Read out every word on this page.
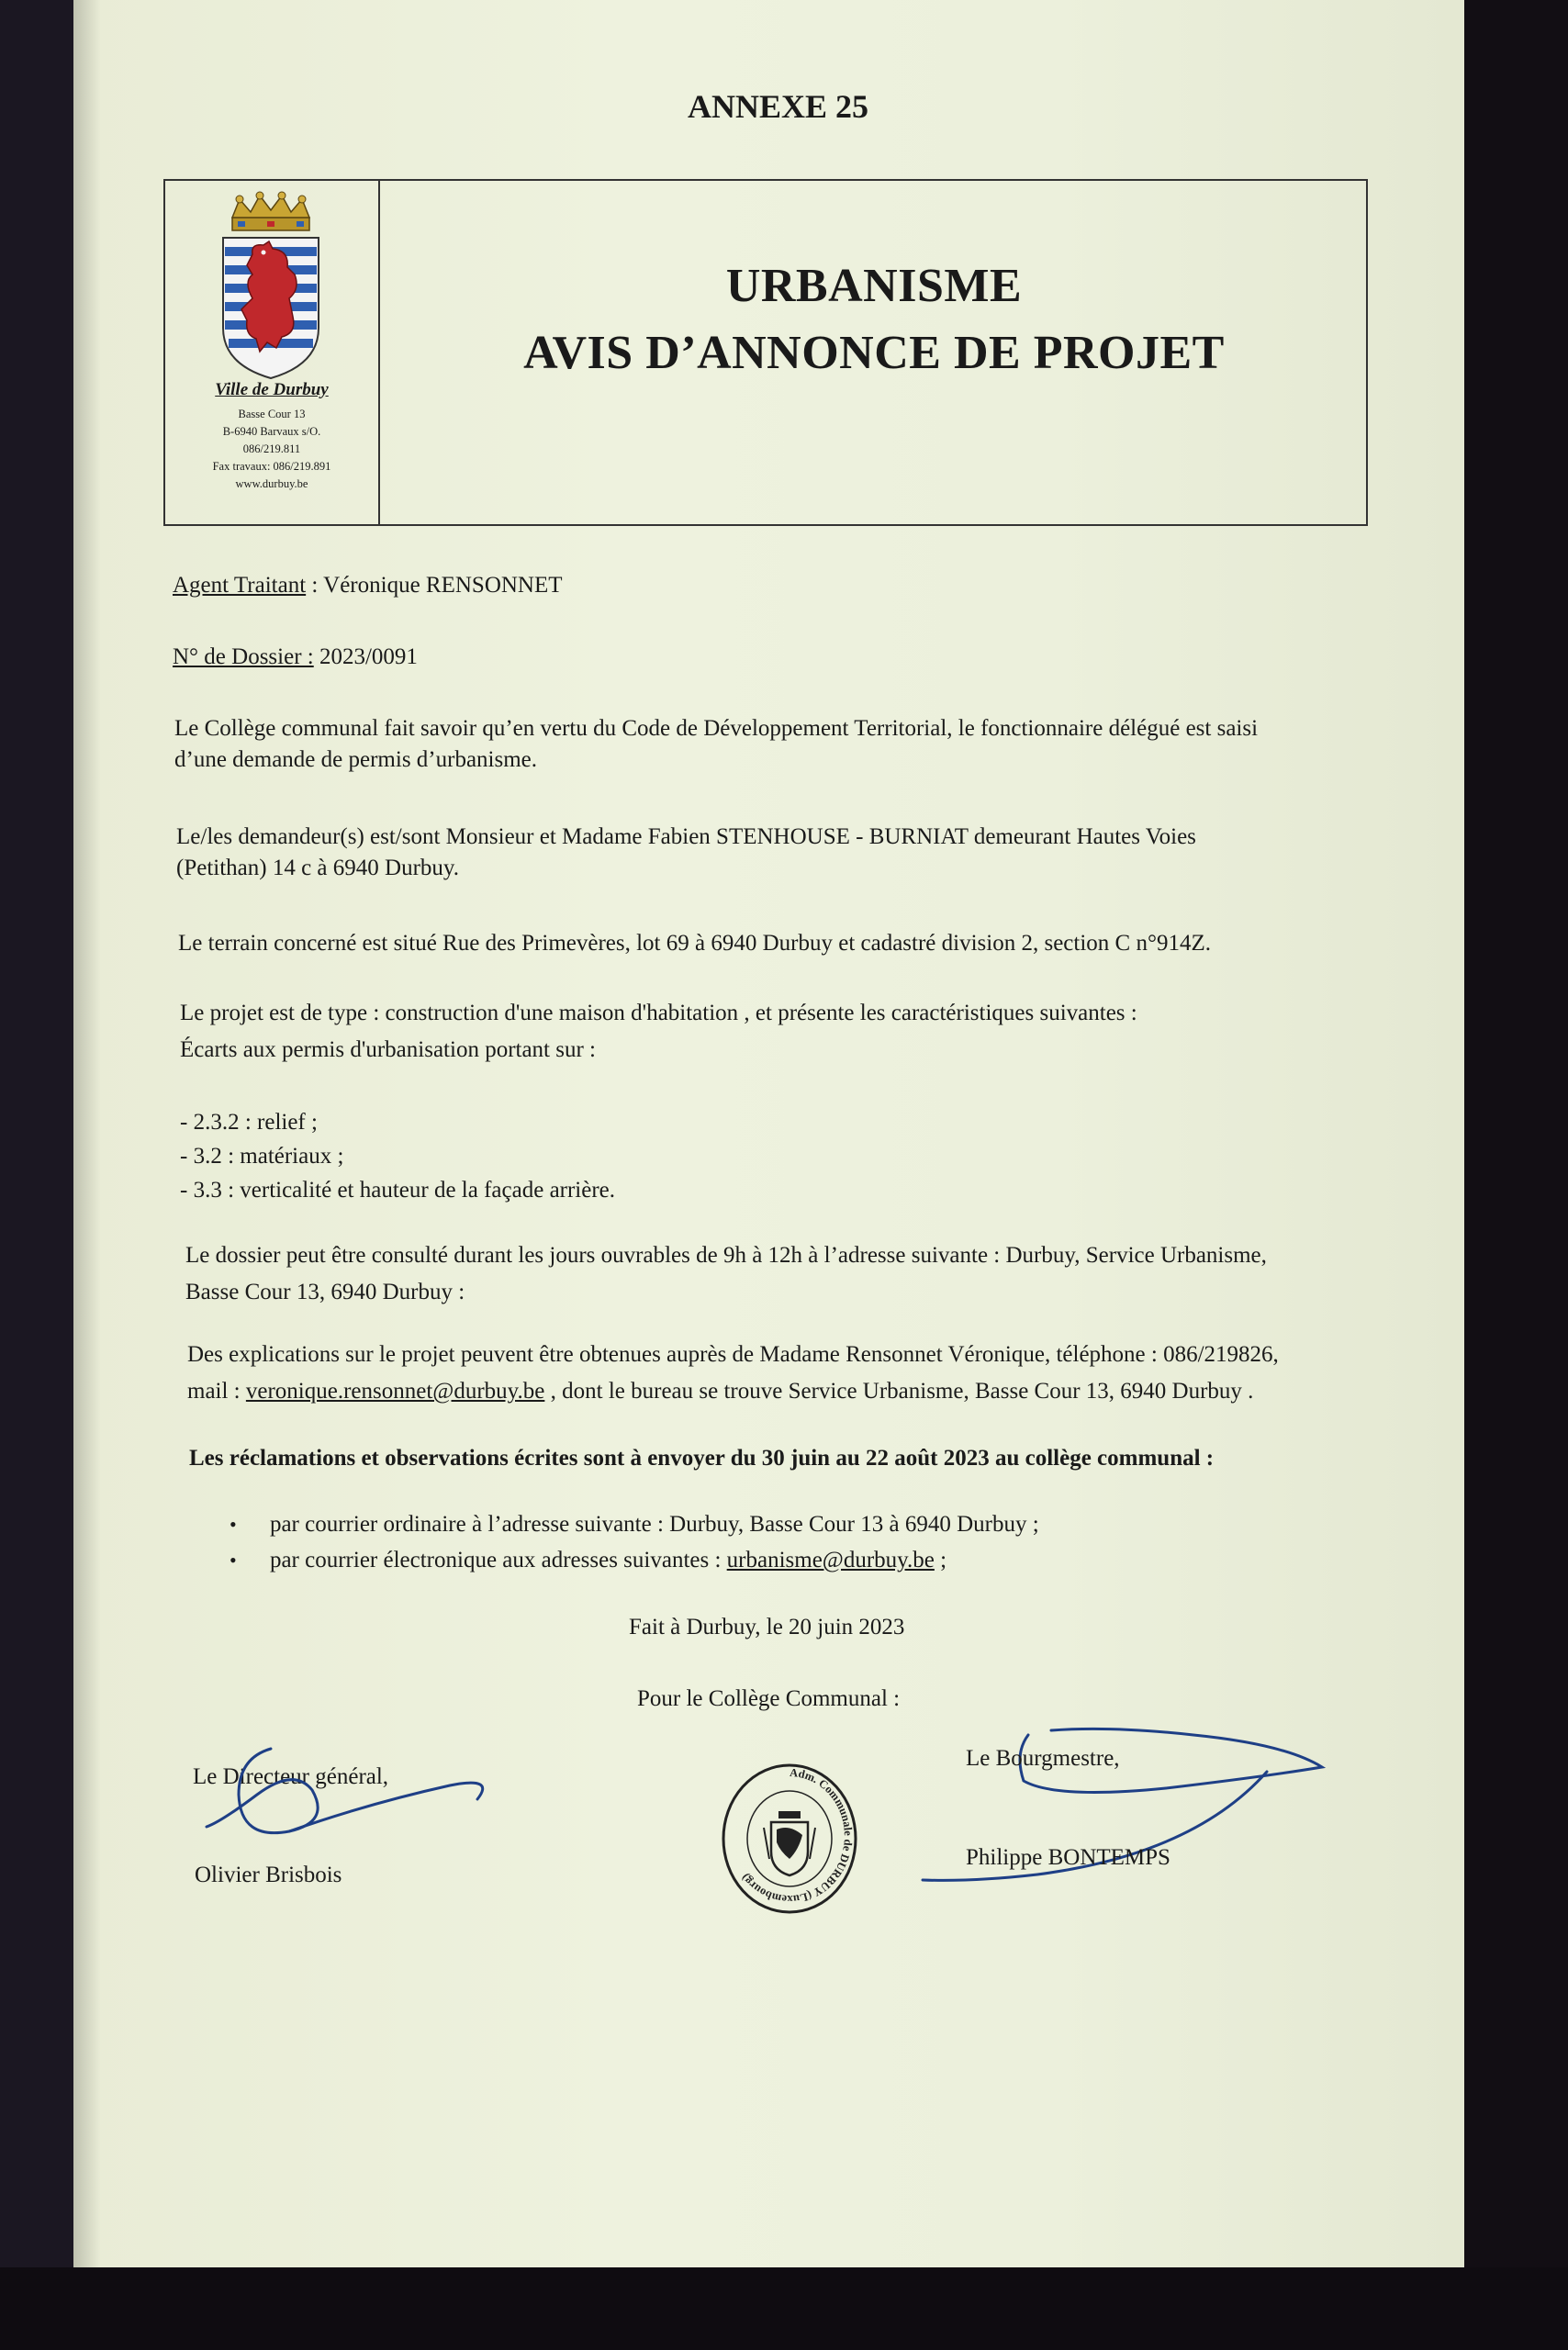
ANNEXE 25
Ville de Durbuy
Basse Cour 13
B-6940 Barvaux s/O.
086/219.811
Fax travaux: 086/219.891
www.durbuy.be
URBANISME
AVIS D’ANNONCE DE PROJET
Agent Traitant : Véronique RENSONNET
N° de Dossier : 2023/0091
Le Collège communal fait savoir qu’en vertu du Code de Développement Territorial, le fonctionnaire délégué est saisi
d’une demande de permis d’urbanisme.
Le/les demandeur(s) est/sont Monsieur et Madame Fabien STENHOUSE - BURNIAT demeurant Hautes Voies
(Petithan) 14 c à 6940 Durbuy.
Le terrain concerné est situé Rue des Primevères, lot 69 à 6940 Durbuy et cadastré division 2, section C n°914Z.
Le projet est de type : construction d'une maison d'habitation , et présente les caractéristiques suivantes :
Écarts aux permis d'urbanisation portant sur :
- 2.3.2 : relief ;
- 3.2 : matériaux ;
- 3.3 : verticalité et hauteur de la façade arrière.
Le dossier peut être consulté durant les jours ouvrables de 9h à 12h à l’adresse suivante : Durbuy, Service Urbanisme,
Basse Cour 13, 6940 Durbuy :
Des explications sur le projet peuvent être obtenues auprès de Madame Rensonnet Véronique, téléphone : 086/219826,
mail : veronique.rensonnet@durbuy.be , dont le bureau se trouve Service Urbanisme, Basse Cour 13, 6940 Durbuy .
Les réclamations et observations écrites sont à envoyer du 30 juin au 22 août 2023 au collège communal :
• par courrier ordinaire à l’adresse suivante : Durbuy, Basse Cour 13 à 6940 Durbuy ;
• par courrier électronique aux adresses suivantes : urbanisme@durbuy.be ;
Fait à Durbuy, le 20 juin 2023
Pour le Collège Communal :
Le Directeur général,
Olivier Brisbois
Adm. Communale de DURBUY (Luxembourg)
Le Bourgmestre,
Philippe BONTEMPS
